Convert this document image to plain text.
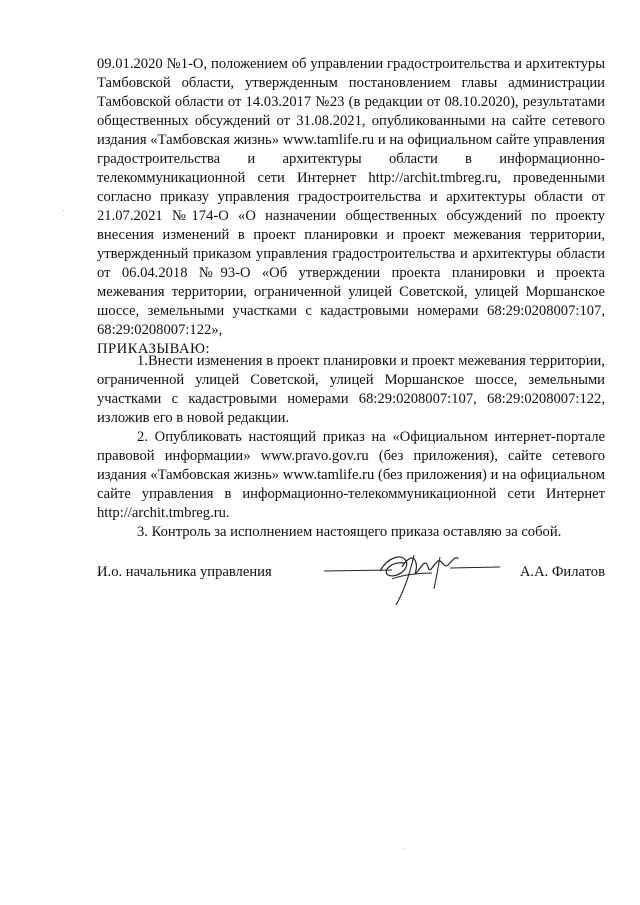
09.01.2020 №1-О, положением об управлении градостроительства и архитектуры Тамбовской области, утвержденным постановлением главы администрации Тамбовской области от 14.03.2017 №23 (в редакции от 08.10.2020), результатами общественных обсуждений от 31.08.2021, опубликованными на сайте сетевого издания «Тамбовская жизнь» www.tamlife.ru и на официальном сайте управления градостроительства и архитектуры области в информационно-телекоммуникационной сети Интернет http://archit.tmbreg.ru, проведенными согласно приказу управления градостроительства и архитектуры области от 21.07.2021 №174-О «О назначении общественных обсуждений по проекту внесения изменений в проект планировки и проект межевания территории, утвержденный приказом управления градостроительства и архитектуры области от 06.04.2018 №93-О «Об утверждении проекта планировки и проекта межевания территории, ограниченной улицей Советской, улицей Моршанское шоссе, земельными участками с кадастровыми номерами 68:29:0208007:107, 68:29:0208007:122»,
ПРИКАЗЫВАЮ:

1.Внести изменения в проект планировки и проект межевания территории, ограниченной улицей Советской, улицей Моршанское шоссе, земельными участками с кадастровыми номерами 68:29:0208007:107, 68:29:0208007:122, изложив его в новой редакции.

2. Опубликовать настоящий приказ на «Официальном интернет-портале правовой информации» www.pravo.gov.ru (без приложения), сайте сетевого издания «Тамбовская жизнь» www.tamlife.ru (без приложения) и на официальном сайте управления в информационно-телекоммуникационной сети Интернет http://archit.tmbreg.ru.

3. Контроль за исполнением настоящего приказа оставляю за собой.

И.о. начальника управления	А.А. Филатов
